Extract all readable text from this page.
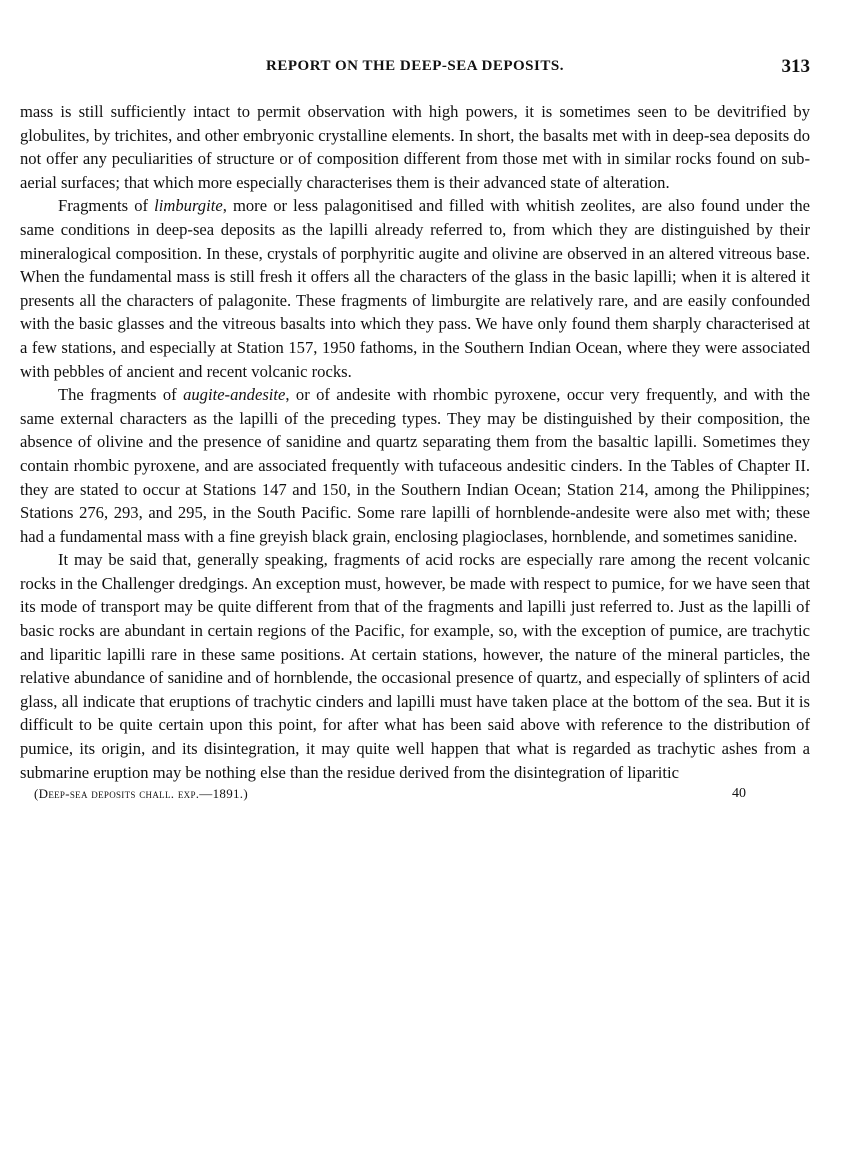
REPORT ON THE DEEP-SEA DEPOSITS.	313

mass is still sufficiently intact to permit observation with high powers, it is sometimes seen to be devitrified by globulites, by trichites, and other embryonic crystalline elements. In short, the basalts met with in deep-sea deposits do not offer any peculiarities of structure or of composition different from those met with in similar rocks found on sub-aerial surfaces; that which more especially characterises them is their advanced state of alteration.

Fragments of limburgite, more or less palagonitised and filled with whitish zeolites, are also found under the same conditions in deep-sea deposits as the lapilli already referred to, from which they are distinguished by their mineralogical composition. In these, crystals of porphyritic augite and olivine are observed in an altered vitreous base. When the fundamental mass is still fresh it offers all the characters of the glass in the basic lapilli; when it is altered it presents all the characters of palagonite. These fragments of limburgite are relatively rare, and are easily confounded with the basic glasses and the vitreous basalts into which they pass. We have only found them sharply characterised at a few stations, and especially at Station 157, 1950 fathoms, in the Southern Indian Ocean, where they were associated with pebbles of ancient and recent volcanic rocks.

The fragments of augite-andesite, or of andesite with rhombic pyroxene, occur very frequently, and with the same external characters as the lapilli of the preceding types. They may be distinguished by their composition, the absence of olivine and the presence of sanidine and quartz separating them from the basaltic lapilli. Sometimes they contain rhombic pyroxene, and are associated frequently with tufaceous andesitic cinders. In the Tables of Chapter II. they are stated to occur at Stations 147 and 150, in the Southern Indian Ocean; Station 214, among the Philippines; Stations 276, 293, and 295, in the South Pacific. Some rare lapilli of hornblende-andesite were also met with; these had a fundamental mass with a fine greyish black grain, enclosing plagioclases, hornblende, and sometimes sanidine.

It may be said that, generally speaking, fragments of acid rocks are especially rare among the recent volcanic rocks in the Challenger dredgings. An exception must, however, be made with respect to pumice, for we have seen that its mode of transport may be quite different from that of the fragments and lapilli just referred to. Just as the lapilli of basic rocks are abundant in certain regions of the Pacific, for example, so, with the exception of pumice, are trachytic and liparitic lapilli rare in these same positions. At certain stations, however, the nature of the mineral particles, the relative abundance of sanidine and of hornblende, the occasional presence of quartz, and especially of splinters of acid glass, all indicate that eruptions of trachytic cinders and lapilli must have taken place at the bottom of the sea. But it is difficult to be quite certain upon this point, for after what has been said above with reference to the distribution of pumice, its origin, and its disintegration, it may quite well happen that what is regarded as trachytic ashes from a submarine eruption may be nothing else than the residue derived from the disintegration of liparitic

(Deep-sea deposits chall. exp.—1891.)	40
